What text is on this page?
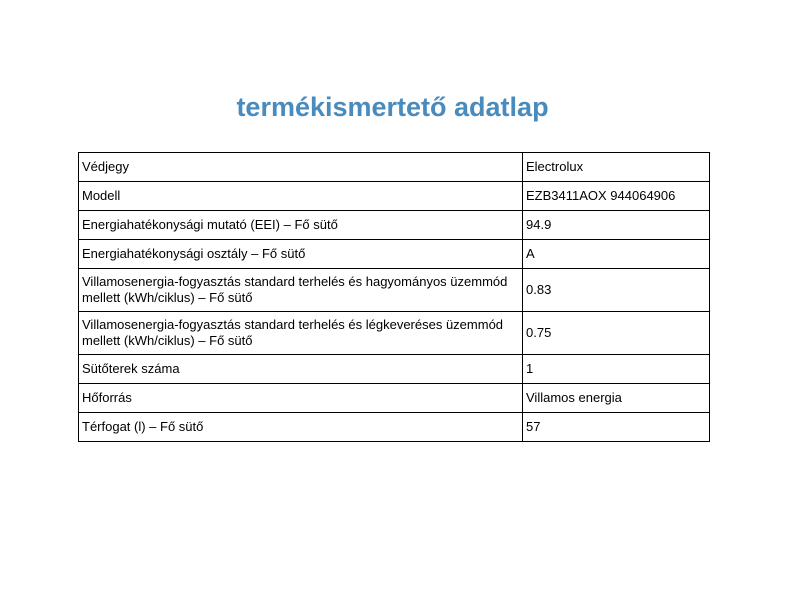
termékismertető adatlap
Védjegy	Electrolux
Modell	EZB3411AOX 944064906
Energiahatékonysági mutató (EEI) – Fő sütő	94.9
Energiahatékonysági osztály – Fő sütő	A
Villamosenergia-fogyasztás standard terhelés és hagyományos üzemmód mellett (kWh/ciklus) – Fő sütő	0.83
Villamosenergia-fogyasztás standard terhelés és légkeveréses üzemmód mellett (kWh/ciklus) – Fő sütő	0.75
Sütőterek száma	1
Hőforrás	Villamos energia
Térfogat (l) – Fő sütő	57
